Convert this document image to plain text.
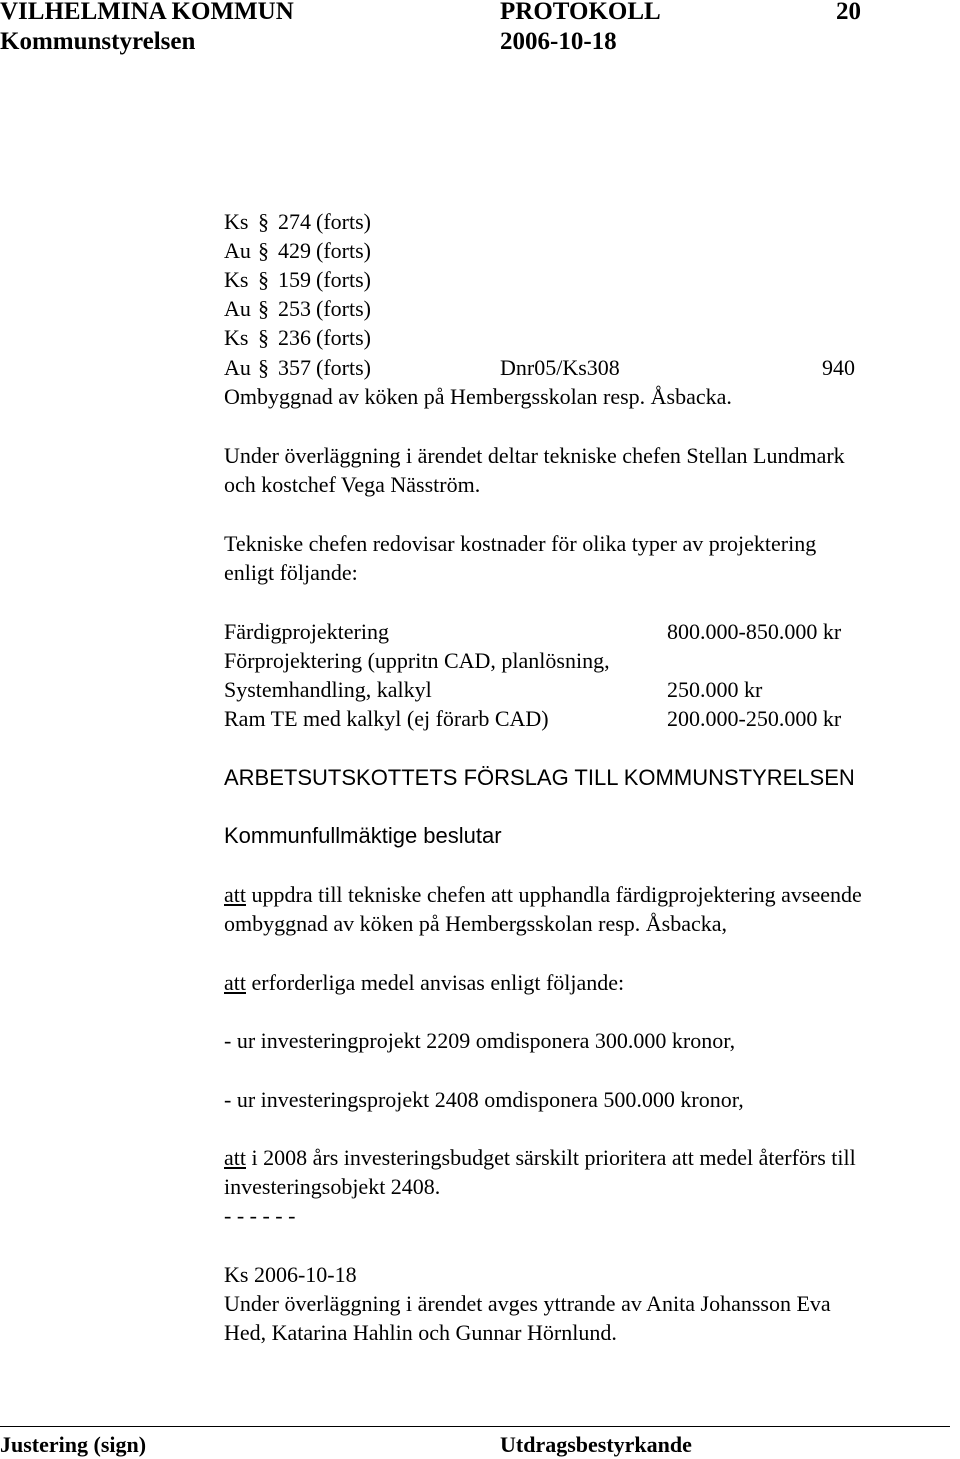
VILHELMINA KOMMUN	PROTOKOLL	20
Kommunstyrelsen	2006-10-18
Ks § 274 (forts)
Au § 429 (forts)
Ks § 159 (forts)
Au § 253 (forts)
Ks § 236 (forts)
Au § 357 (forts)	Dnr05/Ks308	940
Ombyggnad av köken på Hembergsskolan resp. Åsbacka.
Under överläggning i ärendet deltar tekniske chefen Stellan Lundmark
och kostchef Vega Näsström.
Tekniske chefen redovisar kostnader för olika typer av projektering
enligt följande:
Färdigprojektering	800.000-850.000 kr
Förprojektering (uppritn CAD, planlösning,
Systemhandling, kalkyl	250.000 kr
Ram TE med kalkyl (ej förarb CAD)	200.000-250.000 kr
ARBETSUTSKOTTETS FÖRSLAG TILL KOMMUNSTYRELSEN
Kommunfullmäktige beslutar
att uppdra till tekniske chefen att upphandla färdigprojektering avseende
ombyggnad av köken på Hembergsskolan resp. Åsbacka,
att erforderliga medel anvisas enligt följande:
- ur investeringprojekt 2209 omdisponera 300.000 kronor,
- ur investeringsprojekt 2408 omdisponera 500.000 kronor,
att i 2008 års investeringsbudget särskilt prioritera att medel återförs till
investeringsobjekt 2408.
- - - - - -
Ks 2006-10-18
Under överläggning i ärendet avges yttrande av Anita Johansson Eva
Hed, Katarina Hahlin och Gunnar Hörnlund.
Justering (sign)	Utdragsbestyrkande
